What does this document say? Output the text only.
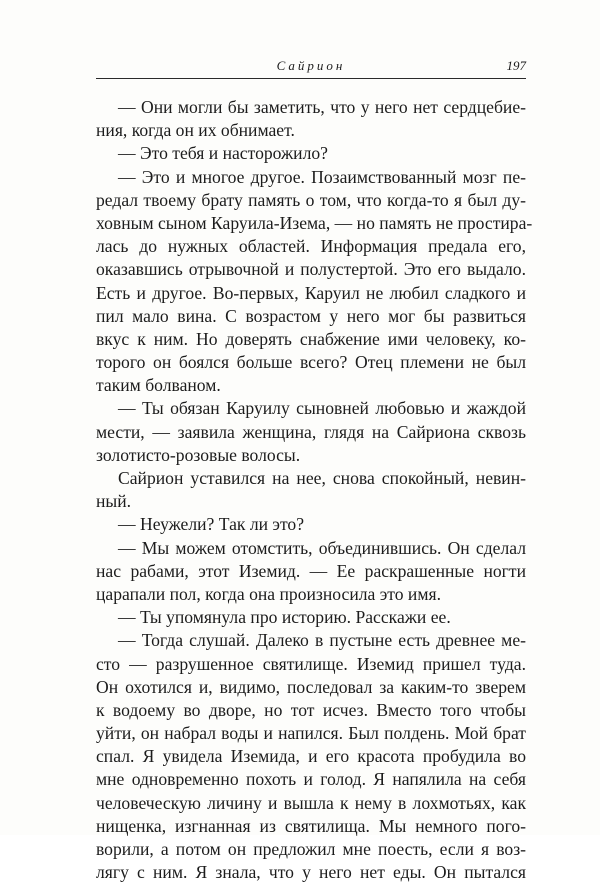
Сайрион	197
— Они могли бы заметить, что у него нет сердцебие-
ния, когда он их обнимает.
— Это тебя и насторожило?
— Это и многое другое. Позаимствованный мозг пе-
редал твоему брату память о том, что когда-то я был ду-
ховным сыном Каруила-Изема, — но память не простира-
лась до нужных областей. Информация предала его,
оказавшись отрывочной и полустертой. Это его выдало.
Есть и другое. Во-первых, Каруил не любил сладкого и
пил мало вина. С возрастом у него мог бы развиться
вкус к ним. Но доверять снабжение ими человеку, ко-
торого он боялся больше всего? Отец племени не был
таким болваном.
— Ты обязан Каруилу сыновней любовью и жаждой
мести, — заявила женщина, глядя на Сайриона сквозь
золотисто-розовые волосы.
Сайрион уставился на нее, снова спокойный, невин-
ный.
— Неужели? Так ли это?
— Мы можем отомстить, объединившись. Он сделал
нас рабами, этот Иземид. — Ее раскрашенные ногти
царапали пол, когда она произносила это имя.
— Ты упомянула про историю. Расскажи ее.
— Тогда слушай. Далеко в пустыне есть древнее ме-
сто — разрушенное святилище. Иземид пришел туда.
Он охотился и, видимо, последовал за каким-то зверем
к водоему во дворе, но тот исчез. Вместо того чтобы
уйти, он набрал воды и напился. Был полдень. Мой брат
спал. Я увидела Иземида, и его красота пробудила во
мне одновременно похоть и голод. Я напялила на себя
человеческую личину и вышла к нему в лохмотьях, как
нищенка, изгнанная из святилища. Мы немного пого-
ворили, а потом он предложил мне поесть, если я воз-
лягу с ним. Я знала, что у него нет еды. Он пытался
